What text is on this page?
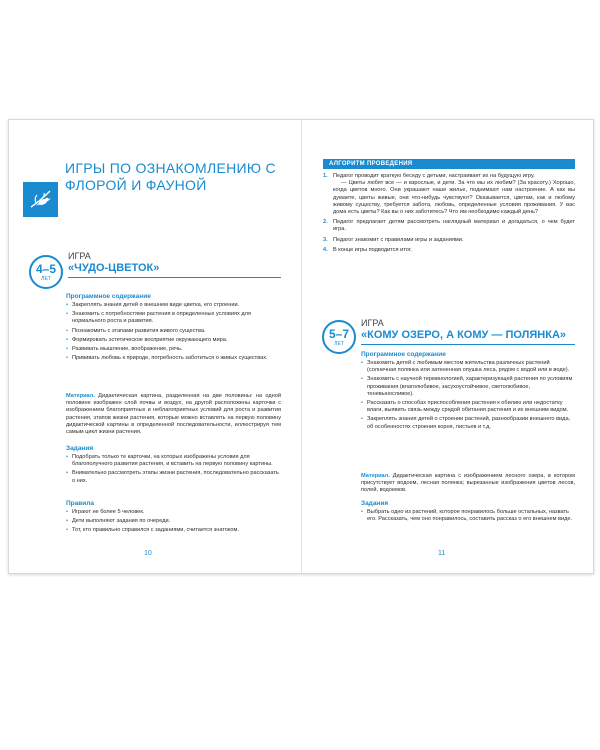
ИГРЫ ПО ОЗНАКОМЛЕНИЮ С ФЛОРОЙ И ФАУНОЙ
4–5
ЛЕТ
ИГРА
«ЧУДО-ЦВЕТОК»
Программное содержание
• Закреплять знания детей о внешнем виде цветка, его строении.
• Знакомить с потребностями растения в определенных условиях для нормального роста и развития.
• Познакомить с этапами развития живого существа.
• Формировать эстетическое восприятие окружающего мира.
• Развивать мышление, воображение, речь.
• Прививать любовь к природе, потребность заботиться о живых существах.

Материал. Дидактическая картина, разделенная на две половины: на одной половине изображен слой почвы и воздух, на другой расположены карточки с изображением благоприятных и неблагоприятных условий для роста и развития растения, этапов жизни растения, которые можно вставлять на первую половину дидактической картины в определенной последовательности, иллюстрируя тем самым цикл жизни растения.

Задания
• Подобрать только те карточки, на которых изображены условия для благополучного развития растения, и вставить на первую половину картины.
• Внимательно рассмотреть этапы жизни растения, последовательно рассказать о них.
Правила
• Играют не более 5 человек.
• Дети выполняют задания по очереди.
• Тот, кто правильно справился с заданиями, считается знатоком.
10
АЛГОРИТМ ПРОВЕДЕНИЯ
1. Педагог проводит краткую беседу с детьми, настраивает их на будущую игру.
— Цветы любят все — и взрослые, и дети. За что мы их любим? (За красоту.) Хорошо, когда цветов много. Они украшают наше жилье, поднимают нам настроение. А как вы думаете, цветы живые, они что-нибудь чувствуют? Оказывается, цветам, как и любому живому существу, требуется забота, любовь, определенные условия проживания. У вас дома есть цветы? Как вы о них заботитесь? Что им необходимо каждый день?
2. Педагог предлагает детям рассмотреть наглядный материал и догадаться, о чем будет игра.
3. Педагог знакомит с правилами игры и заданиями.
4. В конце игры подводится итог.
5–7
ЛЕТ
ИГРА
«КОМУ ОЗЕРО, А КОМУ — ПОЛЯНКА»
Программное содержание
• Знакомить детей с любимым местом жительства различных растений (солнечная полянка или затененная опушка леса, рядом с водой или в воде).
• Знакомить с научной терминологией, характеризующей растения по условиям проживания (влаголюбивое, засухоустойчивое, светолюбивое, теневыносливое).
• Рассказать о способах приспособления растения к обилию или недостатку влаги, выявить связь между средой обитания растения и их внешним видом.
• Закреплять знания детей о строении растений, разнообразии внешнего вида, об особенностях строения корня, листьев и т.д.

Материал. Дидактическая картина с изображением лесного озера, в котором присутствует водоем, лесная полянка; вырезанные изображения цветов лесов, полей, водоемов.

Задания
• Выбрать одно из растений, которое понравилось больше остальных, назвать его. Рассказать, чем оно понравилось, составить рассказ о его внешнем виде.
11
